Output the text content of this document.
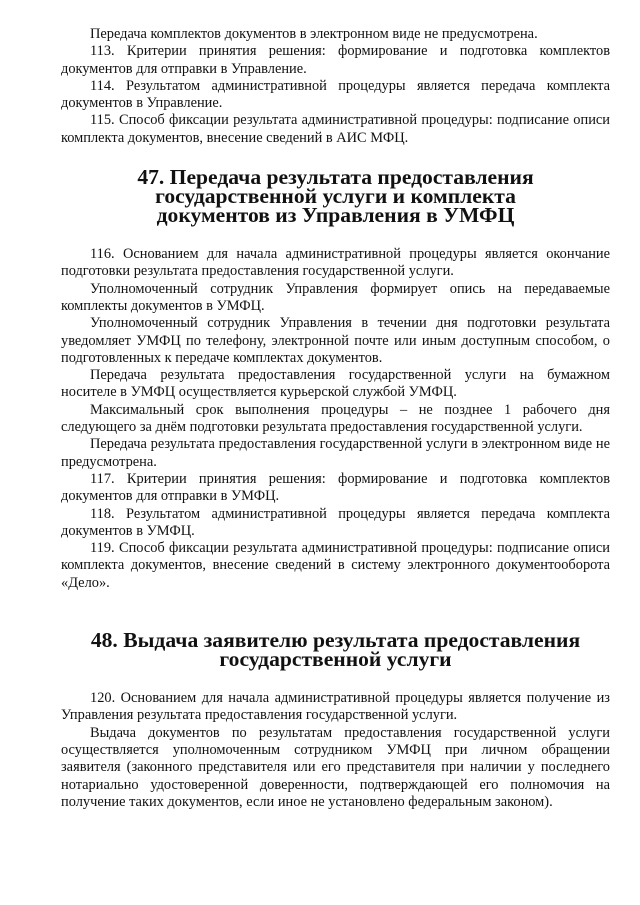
Передача комплектов документов в электронном виде не предусмотрена.

113. Критерии принятия решения: формирование и подготовка комплектов документов для отправки в Управление.

114. Результатом административной процедуры является передача комплекта документов в Управление.

115. Способ фиксации результата административной процедуры: подписание описи комплекта документов, внесение сведений в АИС МФЦ.

47. Передача результата предоставления государственной услуги и комплекта
документов из Управления в УМФЦ

116. Основанием для начала административной процедуры является окончание подготовки результата предоставления государственной услуги.

Уполномоченный сотрудник Управления формирует опись на передаваемые комплекты документов в УМФЦ.

Уполномоченный сотрудник Управления в течении дня подготовки результата уведомляет УМФЦ по телефону, электронной почте или иным доступным способом, о подготовленных к передаче комплектах документов.

Передача результата предоставления государственной услуги на бумажном носителе в УМФЦ осуществляется курьерской службой УМФЦ.

Максимальный срок выполнения процедуры – не позднее 1 рабочего дня следующего за днём подготовки результата предоставления государственной услуги.

Передача результата предоставления государственной услуги в электронном виде не предусмотрена.

117. Критерии принятия решения: формирование и подготовка комплектов документов для отправки в УМФЦ.

118. Результатом административной процедуры является передача комплекта документов в УМФЦ.

119. Способ фиксации результата административной процедуры: подписание описи комплекта документов, внесение сведений в систему электронного документооборота «Дело».

48. Выдача заявителю результата предоставления
государственной услуги

120. Основанием для начала административной процедуры является получение из Управления результата предоставления государственной услуги.

Выдача документов по результатам предоставления государственной услуги осуществляется уполномоченным сотрудником УМФЦ при личном обращении заявителя (законного представителя или его представителя при наличии у последнего нотариально удостоверенной доверенности, подтверждающей его полномочия на получение таких документов, если иное не установлено федеральным законом).
